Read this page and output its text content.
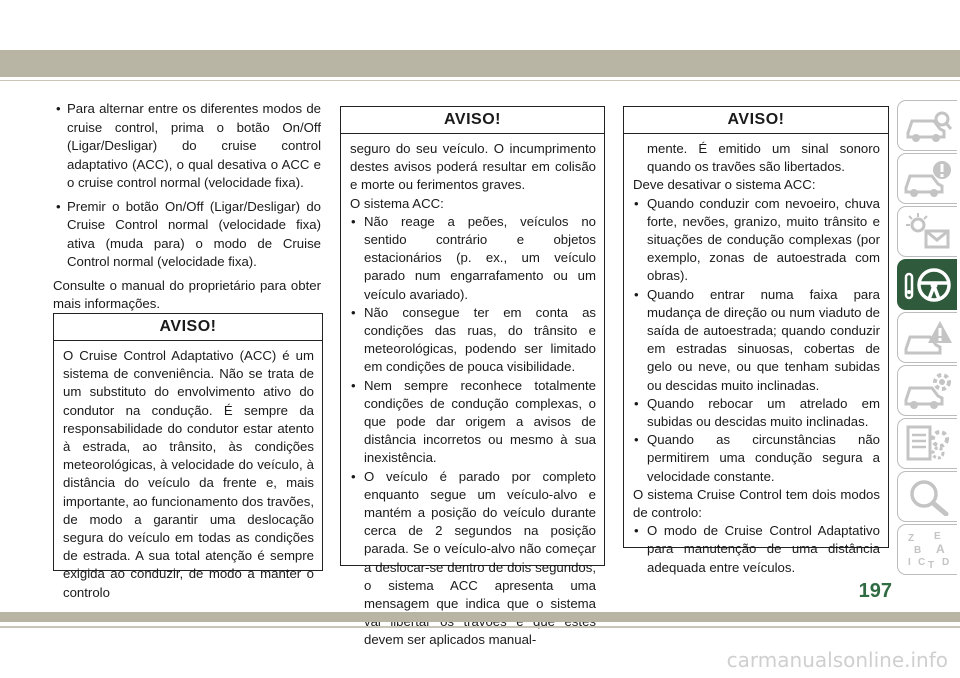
• Para alternar entre os diferentes modos de cruise control, prima o botão On/Off (Ligar/Desligar) do cruise control adaptativo (ACC), o qual desativa o ACC e o cruise control normal (velocidade fixa).

• Premir o botão On/Off (Ligar/Desligar) do Cruise Control normal (velocidade fixa) ativa (muda para) o modo de Cruise Control normal (velocidade fixa).

Consulte o manual do proprietário para obter mais informações.

AVISO!

O Cruise Control Adaptativo (ACC) é um sistema de conveniência. Não se trata de um substituto do envolvimento ativo do condutor na condução. É sempre da responsabilidade do condutor estar atento à estrada, ao trânsito, às condições meteorológicas, à velocidade do veículo, à distância do veículo da frente e, mais importante, ao funcionamento dos travões, de modo a garantir uma deslocação segura do veículo em todas as condições de estrada. A sua total atenção é sempre exigida ao conduzir, de modo a manter o controlo

AVISO!

seguro do seu veículo. O incumprimento destes avisos poderá resultar em colisão e morte ou ferimentos graves.

O sistema ACC:

• Não reage a peões, veículos no sentido contrário e objetos estacionários (p. ex., um veículo parado num engarrafamento ou um veículo avariado).

• Não consegue ter em conta as condições das ruas, do trânsito e meteorológicas, podendo ser limitado em condições de pouca visibilidade.

• Nem sempre reconhece totalmente condições de condução complexas, o que pode dar origem a avisos de distância incorretos ou mesmo à sua inexistência.

• O veículo é parado por completo enquanto segue um veículo-alvo e mantém a posição do veículo durante cerca de 2 segundos na posição parada. Se o veículo-alvo não começar a deslocar-se dentro de dois segundos, o sistema ACC apresenta uma mensagem que indica que o sistema devem ser aplicados manual-

AVISO!

mente. É emitido um sinal sonoro quando os travões são libertados.

Deve desativar o sistema ACC:

• Quando conduzir com nevoeiro, chuva forte, nevões, granizo, muito trânsito e situações de condução complexas (por exemplo, zonas de autoestrada com obras).

• Quando entrar numa faixa para mudança de direção ou num viaduto de saída de autoestrada; quando conduzir em estradas sinuosas, cobertas de gelo ou neve, ou que tenham subidas ou descidas muito inclinadas.

• Quando rebocar um atrelado em subidas ou descidas muito inclinadas.

• Quando as circunstâncias não permitirem uma condução segura a velocidade constante.

O sistema Cruise Control tem dois modos de controlo:

• O modo de Cruise Control Adaptativo para manutenção de uma distância adequada entre veículos.

Z E
B A
I C T D
197
carmanualsonline.info
